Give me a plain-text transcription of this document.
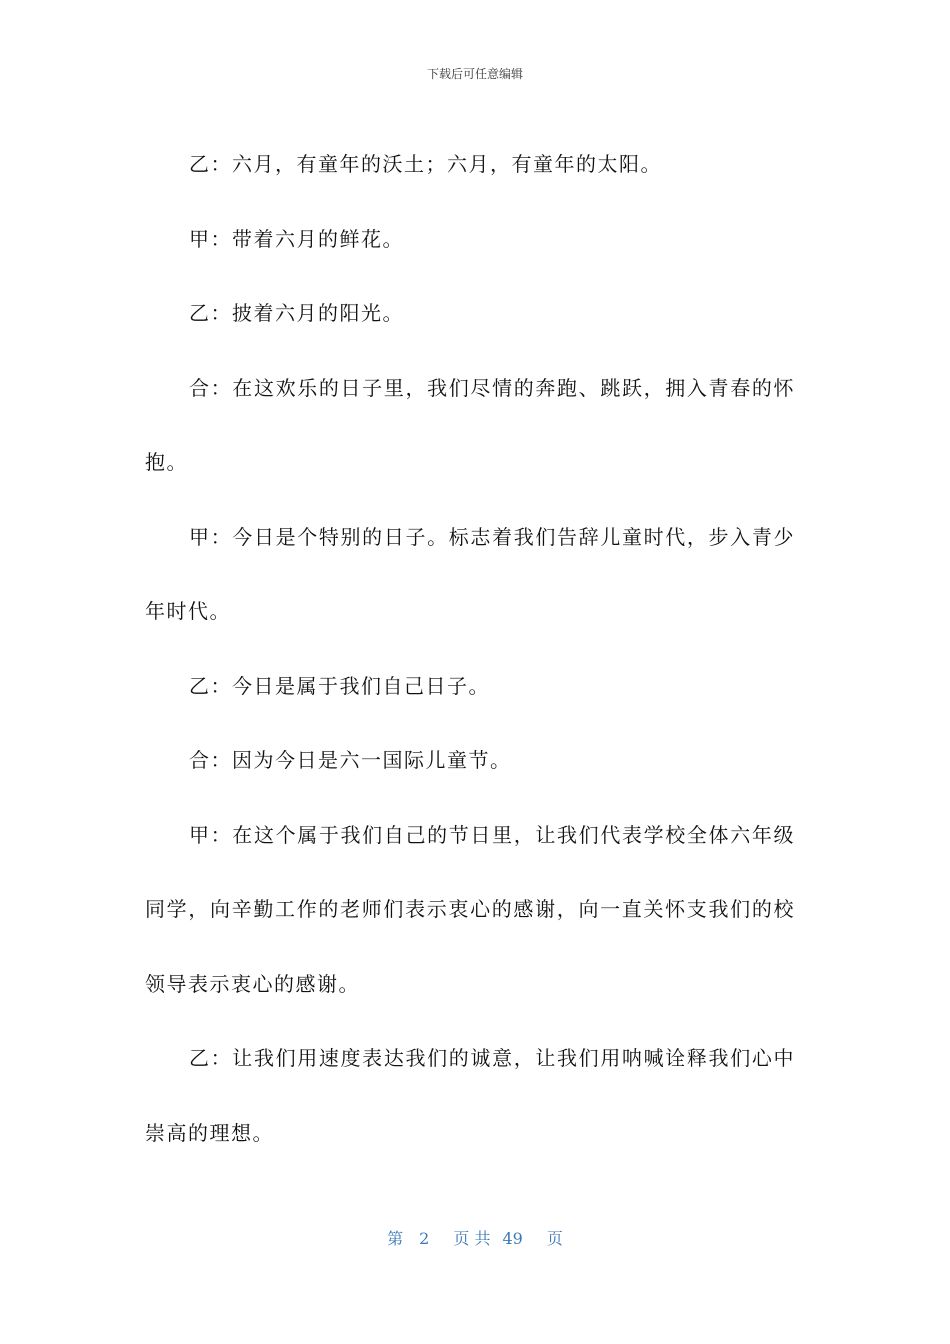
下载后可任意编辑

乙：六月，有童年的沃土；六月，有童年的太阳。

甲：带着六月的鲜花。

乙：披着六月的阳光。

合：在这欢乐的日子里，我们尽情的奔跑、跳跃，拥入青春的怀抱。

甲：今日是个特别的日子。标志着我们告辞儿童时代，步入青少年时代。

乙：今日是属于我们自己日子。

合：因为今日是六一国际儿童节。

甲：在这个属于我们自己的节日里，让我们代表学校全体六年级同学，向辛勤工作的老师们表示衷心的感谢，向一直关怀支我们的校领导表示衷心的感谢。

乙：让我们用速度表达我们的诚意，让我们用呐喊诠释我们心中崇高的理想。

第 2 页 共 49 页
